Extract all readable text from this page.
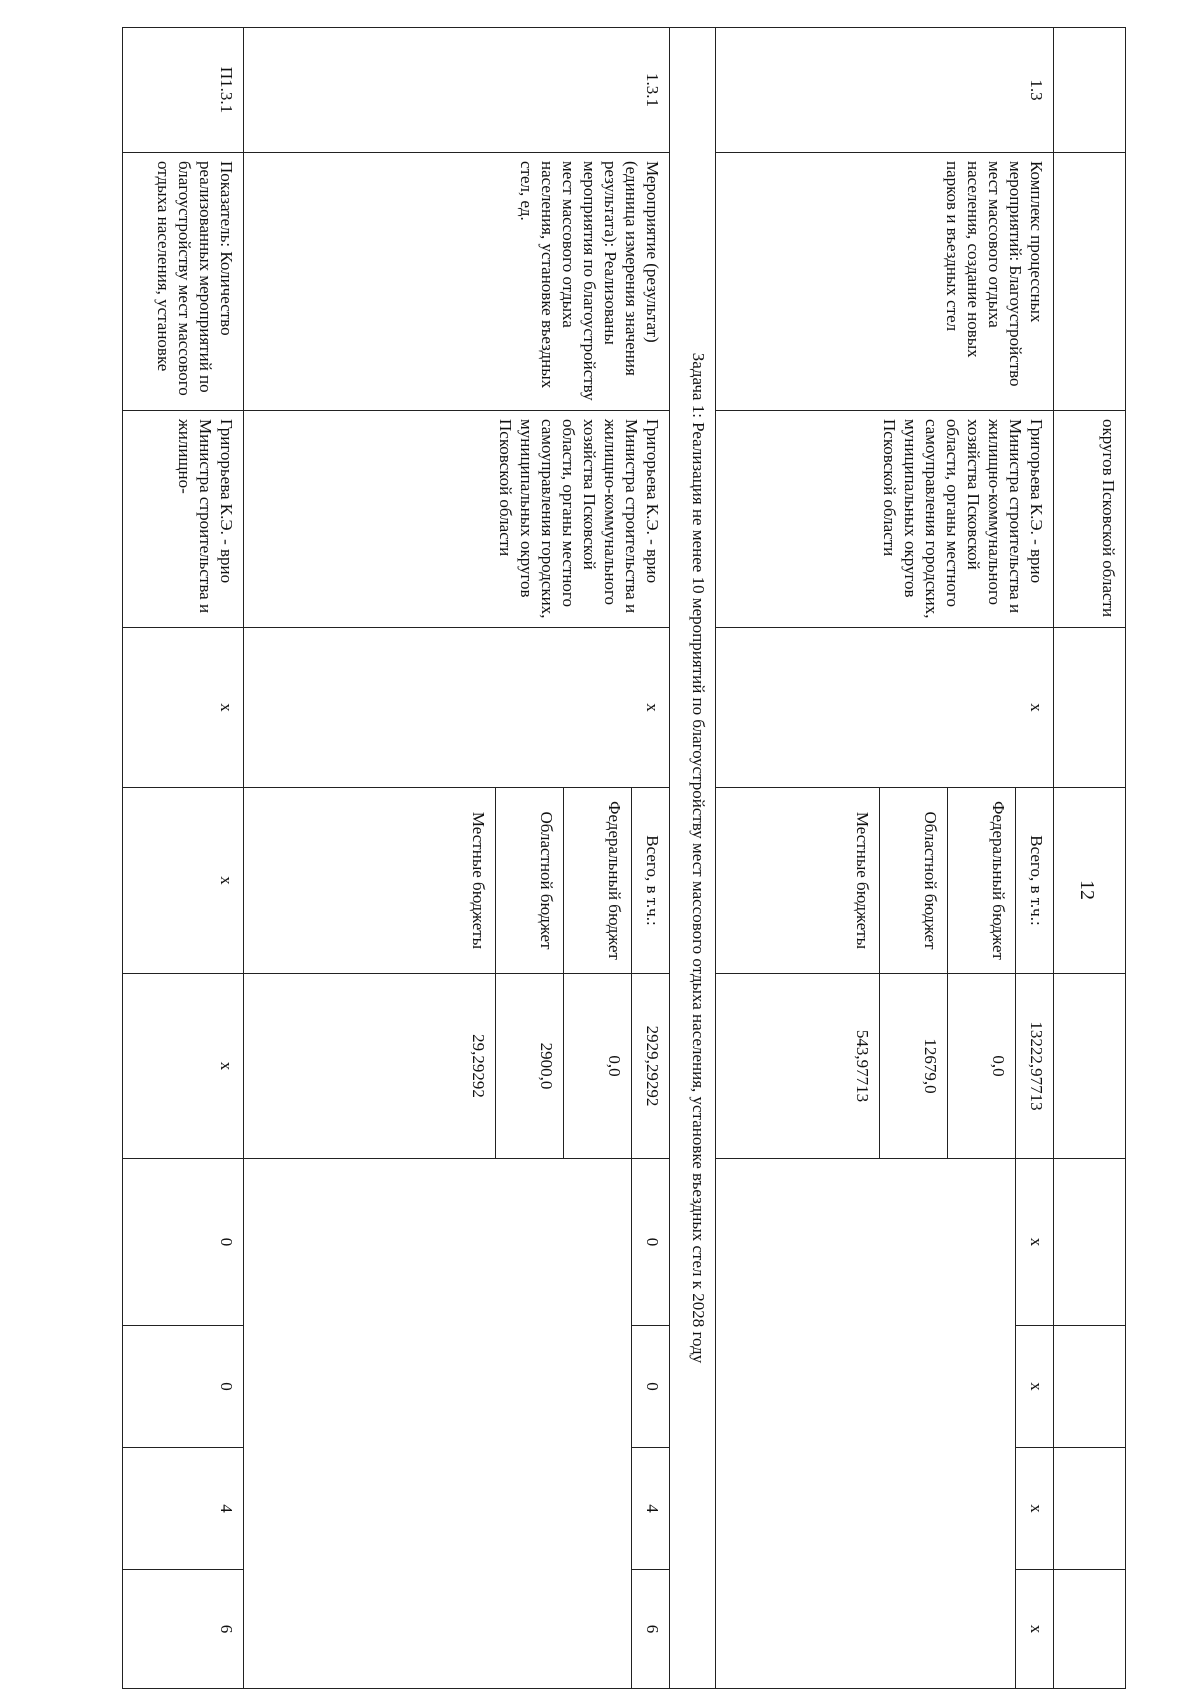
12
		округов Псковской области							
1.3	Комплекс процессных мероприятий: Благоустройство мест массового отдыха населения, создание новых парков и въездных стел	Григорьева К.Э. - врио Министра строительства и жилищно-коммунального хозяйства Псковской области, органы местного самоуправления городских, муниципальных округов Псковской области	x	Всего, в т.ч.:	13222,97713	x	x	x	x
				Федеральный бюджет	0,0				
				Областной бюджет	12679,0				
				Местные бюджеты	543,97713				
Задача 1: Реализация не менее 10 мероприятий по благоустройству мест массового отдыха населения, установке въездных стел к 2028 году									
1.3.1	Мероприятие (результат) (единица измерения значения результата): Реализованы мероприятия по благоустройству мест массового отдыха населения, установке въездных стел, ед.	Григорьева К.Э. - врио Министра строительства и жилищно-коммунального хозяйства Псковской области, органы местного самоуправления городских, муниципальных округов Псковской области	x	Всего, в т.ч.:	2929,29292	0	0	4	6
				Федеральный бюджет	0,0				
				Областной бюджет	2900,0				
				Местные бюджеты	29,29292				
П1.3.1	Показатель: Количество реализованных мероприятий по благоустройству мест массового отдыха населения, установке	Григорьева К.Э. - врио Министра строительства и жилищно-	x	x	x	0	0	4	6
